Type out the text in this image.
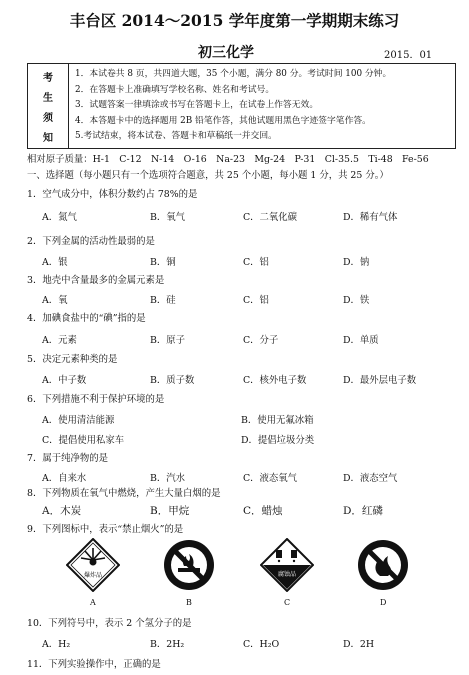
丰台区 2014～2015 学年度第一学期期末练习
初三化学	2015．01
考
生
须
知
1．本试卷共 8 页，共四道大题，35 个小题，满分 80 分。考试时间 100 分钟。
2．在答题卡上准确填写学校名称、姓名和考试号。
3．试题答案一律填涂或书写在答题卡上，在试卷上作答无效。
4．本答题卡中的选择题用 2B 铅笔作答，其他试题用黑色字迹签字笔作答。
5.考试结束，将本试卷、答题卡和草稿纸一并交回。
相对原子质量：H-1　C-12　N-14　O-16　Na-23　Mg-24　P-31　Cl-35.5　Ti-48　Fe-56
一、选择题（每小题只有一个选项符合题意，共 25 个小题，每小题 1 分，共 25 分。）
1．空气成分中，体积分数约占 78%的是
A．氮气	B．氧气	C．二氧化碳	D．稀有气体
2．下列金属的活动性最弱的是
A．银	B．铜	C．铝	D．钠
3．地壳中含量最多的金属元素是
A．氧	B．硅	C．铝	D．铁
4．加碘食盐中的“碘”指的是
A．元素	B．原子	C．分子	D．单质
5．决定元素种类的是
A．中子数	B．质子数	C．核外电子数	D．最外层电子数
6．下列措施不利于保护环境的是
A．使用清洁能源	B．使用无氟冰箱
C．提倡使用私家车	D．提倡垃圾分类
7．属于纯净物的是
A．自来水	B．汽水	C．液态氧气	D．液态空气
8．下列物质在氧气中燃烧，产生大量白烟的是
A．木炭	B．甲烷	C．蜡烛	D．红磷
9．下列图标中，表示“禁止烟火”的是
爆炸品	腐蚀品
A	B	C	D
10．下列符号中，表示 2 个氢分子的是
A．H₂	B．2H₂	C．H₂O	D．2H
11．下列实验操作中，正确的是
